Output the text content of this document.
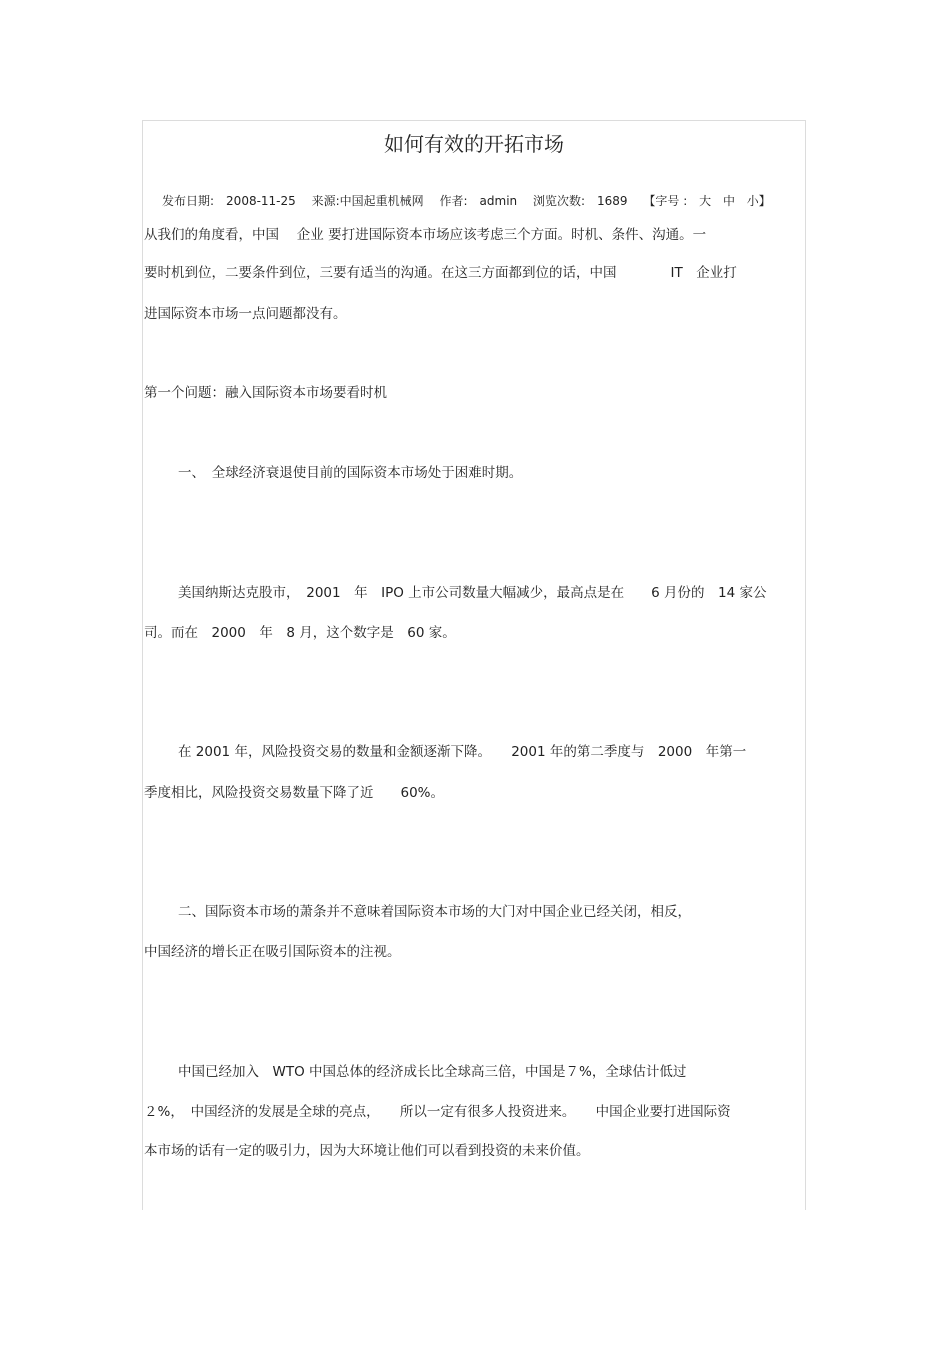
如何有效的开拓市场
发布日期:　2008-11-25 来源:中国起重机械网 作者:　admin 浏览次数:　1689 【字号 : 大 中 小】
从我们的角度看，中国　 企业 要打进国际资本市场应该考虑三个方面。时机、条件、沟通。一
要时机到位，二要条件到位，三要有适当的沟通。在这三方面都到位的话，中国　　　　IT　企业打
进国际资本市场一点问题都没有。
第一个问题：融入国际资本市场要看时机
一、　全球经济衰退使目前的国际资本市场处于困难时期。
美国纳斯达克股市，　2001　年　IPO 上市公司数量大幅减少，最高点是在　　6 月份的　14 家公
司。而在　2000　年　8 月，这个数字是　60 家。
在 2001 年，风险投资交易的数量和金额逐渐下降。　　2001 年的第二季度与　2000　年第一
季度相比，风险投资交易数量下降了近　　60%。
二、国际资本市场的萧条并不意味着国际资本市场的大门对中国企业已经关闭，相反，
中国经济的增长正在吸引国际资本的注视。
中国已经加入　WTO 中国总体的经济成长比全球高三倍，中国是７%，全球估计低过
２%，　中国经济的发展是全球的亮点，　　所以一定有很多人投资进来。　　中国企业要打进国际资
本市场的话有一定的吸引力，因为大环境让他们可以看到投资的未来价值。
